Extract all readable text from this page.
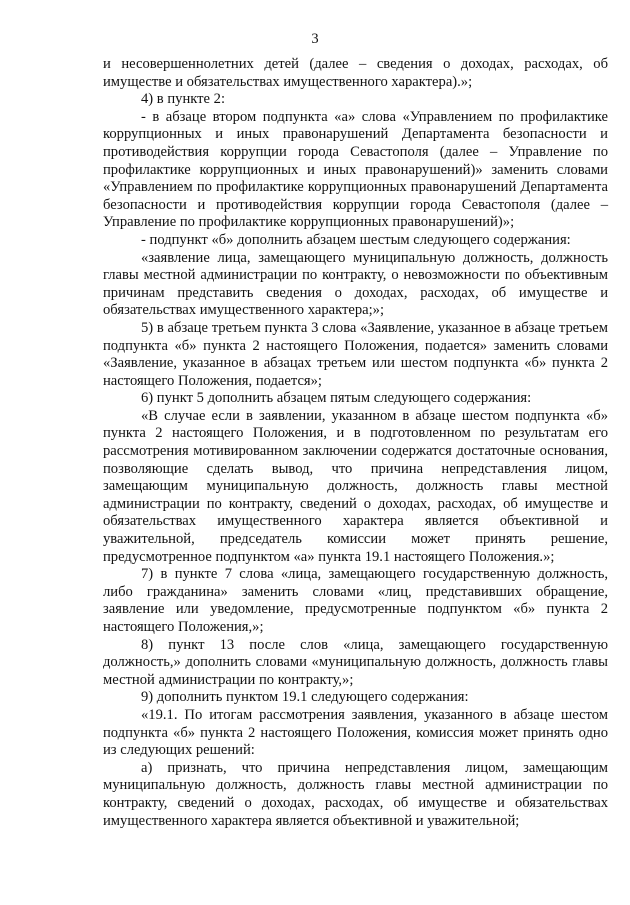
3

и несовершеннолетних детей (далее – сведения о доходах, расходах, об имуществе и обязательствах имущественного характера).»;

4) в пункте 2:

- в абзаце втором подпункта «а» слова «Управлением по профилактике коррупционных и иных правонарушений Департамента безопасности и противодействия коррупции города Севастополя (далее – Управление по профилактике коррупционных и иных правонарушений)» заменить словами «Управлением по профилактике коррупционных правонарушений Департамента безопасности и противодействия коррупции города Севастополя (далее – Управление по профилактике коррупционных правонарушений)»;

- подпункт «б» дополнить абзацем шестым следующего содержания:

«заявление лица, замещающего муниципальную должность, должность главы местной администрации по контракту, о невозможности по объективным причинам представить сведения о доходах, расходах, об имуществе и обязательствах имущественного характера;»;

5) в абзаце третьем пункта 3 слова «Заявление, указанное в абзаце третьем подпункта «б» пункта 2 настоящего Положения, подается» заменить словами «Заявление, указанное в абзацах третьем или шестом подпункта «б» пункта 2 настоящего Положения, подается»;

6) пункт 5 дополнить абзацем пятым следующего содержания:

«В случае если в заявлении, указанном в абзаце шестом подпункта «б» пункта 2 настоящего Положения, и в подготовленном по результатам его рассмотрения мотивированном заключении содержатся достаточные основания, позволяющие сделать вывод, что причина непредставления лицом, замещающим муниципальную должность, должность главы местной администрации по контракту, сведений о доходах, расходах, об имуществе и обязательствах имущественного характера является объективной и уважительной, председатель комиссии может принять решение, предусмотренное подпунктом «а» пункта 19.1 настоящего Положения.»;

7) в пункте 7 слова «лица, замещающего государственную должность, либо гражданина» заменить словами «лиц, представивших обращение, заявление или уведомление, предусмотренные подпунктом «б» пункта 2 настоящего Положения,»;

8) пункт 13 после слов «лица, замещающего государственную должность,» дополнить словами «муниципальную должность, должность главы местной администрации по контракту,»;

9) дополнить пунктом 19.1 следующего содержания:

«19.1. По итогам рассмотрения заявления, указанного в абзаце шестом подпункта «б» пункта 2 настоящего Положения, комиссия может принять одно из следующих решений:

а) признать, что причина непредставления лицом, замещающим муниципальную должность, должность главы местной администрации по контракту, сведений о доходах, расходах, об имуществе и обязательствах имущественного характера является объективной и уважительной;
